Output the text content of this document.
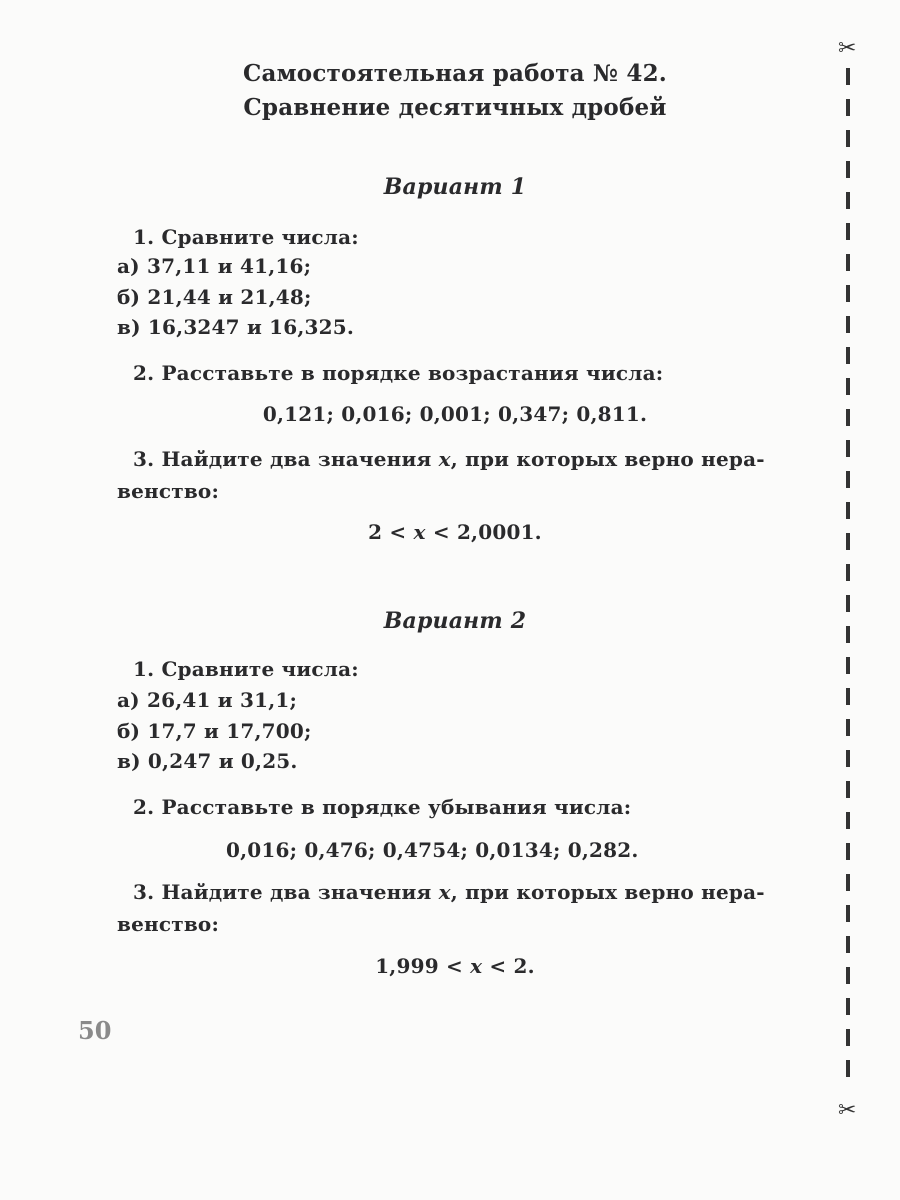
Самостоятельная работа № 42.
Сравнение десятичных дробей
Вариант 1
1. Сравните числа:
а) 37,11 и 41,16;
б) 21,44 и 21,48;
в) 16,3247 и 16,325.
2. Расставьте в порядке возрастания числа:
0,121; 0,016; 0,001; 0,347; 0,811.
3. Найдите два значения x, при которых верно нера-
венство:
2 < x < 2,0001.
Вариант 2
1. Сравните числа:
а) 26,41 и 31,1;
б) 17,7 и 17,700;
в) 0,247 и 0,25.
2. Расставьте в порядке убывания числа:
0,016; 0,476; 0,4754; 0,0134; 0,282.
3. Найдите два значения x, при которых верно нера-
венство:
1,999 < x < 2.
50
✂
✂
